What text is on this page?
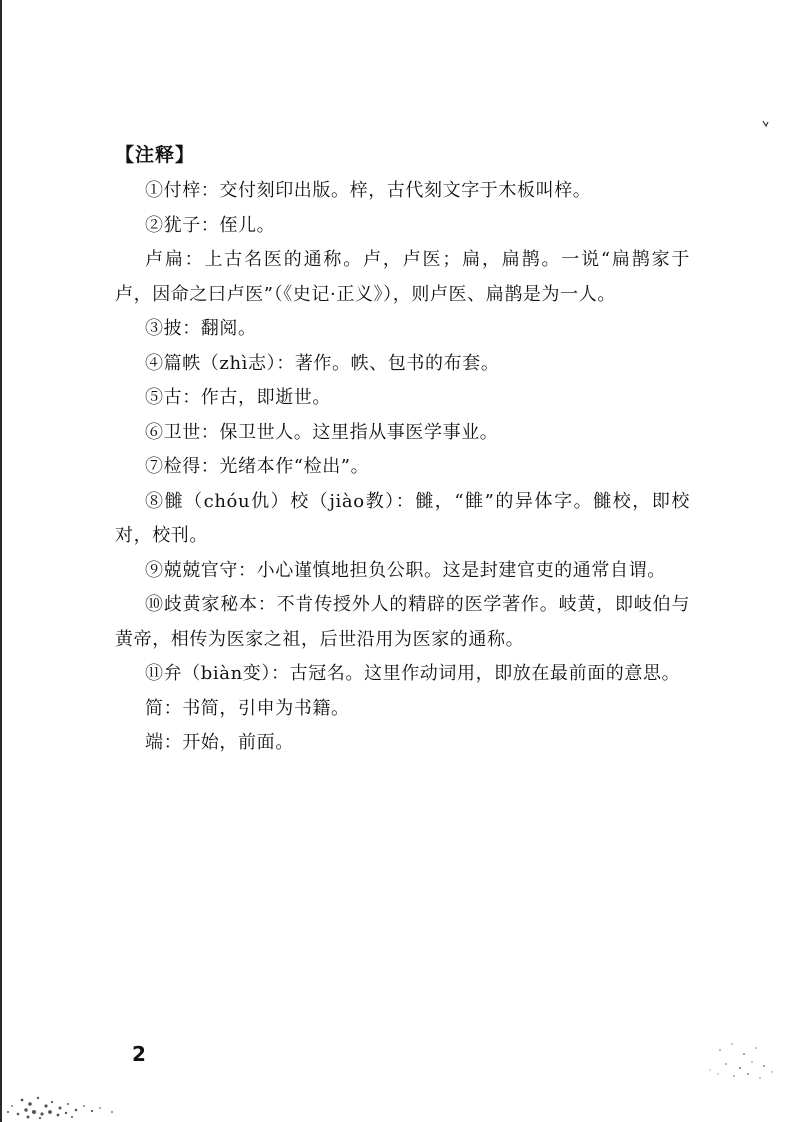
【注释】

①付梓：交付刻印出版。梓，古代刻文字于木板叫梓。

②犹子：侄儿。

卢扁：上古名医的通称。卢，卢医；扁，扁鹊。一说“扁鹊家于卢，因命之曰卢医”（《史记·正义》），则卢医、扁鹊是为一人。

③披：翻阅。

④篇帙（zhì志）：著作。帙、包书的布套。

⑤古：作古，即逝世。

⑥卫世：保卫世人。这里指从事医学事业。

⑦检得：光绪本作“检出”。

⑧雠（chóu仇）校（jiào教）：雠，“雔”的异体字。雠校，即校对，校刊。

⑨兢兢官守：小心谨慎地担负公职。这是封建官吏的通常自谓。

⑩歧黄家秘本：不肯传授外人的精辟的医学著作。岐黄，即岐伯与黄帝，相传为医家之祖，后世沿用为医家的通称。

⑪弁（biàn变）：古冠名。这里作动词用，即放在最前面的意思。

简：书简，引申为书籍。

端：开始，前面。

2
